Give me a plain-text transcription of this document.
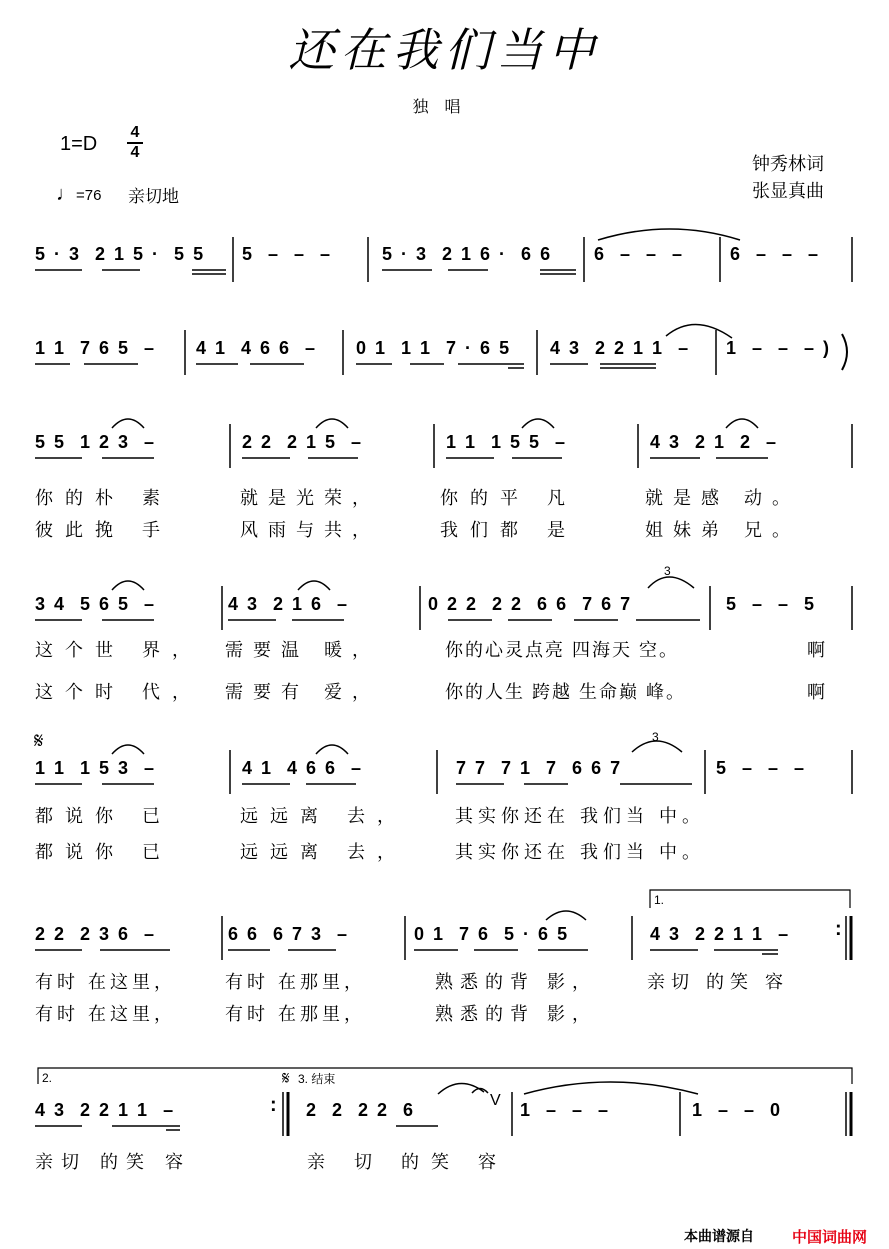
还在我们当中
独唱
1=D
4
4
♩=76 亲切地
钟秀林词
张显真曲
:
:
𝄋
𝄋 3. 结束
1.
2.
V
3
3
5 · 3  2 1 5 ·  5 5 5  –  –  –	5 · 3  2 1 6 ·  6 6 6  –  –  –	6  –  –  –
1 1  7 6 5  – 4 1  4 6 6  – 0 1  1 1  7 · 6 5 4 3  2 2 1 1  – 1  –  –  – )
5 5  1 2 3  –	2 2  2 1 5  –	1 1  1 5 5  –	4 3  2 1  2  –
3 4  5 6 5  –	4 3  2 1 6  –	0 2 2  2 2  6 6  7 6 7	5  –  –  5
1 1  1 5 3  –	4 1  4 6 6  –	7 7  7 1  7  6 6 7	5  –  –  –
2 2  2 3 6  –	6 6  6 7 3  –	0 1  7 6  5 · 6 5	4 3  2 2 1 1  –
4 3  2 2 1 1  –	2  2  2 2  6	1  –  –  –	1  –  –  0
你的朴 素	就是光荣，	你的平 凡	就是感 动。
彼此挽 手	风雨与共，	我们都 是	姐妹弟 兄。
这个世 界， 需要温 暖，	你的心灵点亮 四海天 空。	啊
这个时 代， 需要有 爱，	你的人生 跨越 生命巅 峰。	啊
都说你 已	远远离 去，	其实你还在 我们当 中。
都说你 已	远远离 去，	其实你还在 我们当 中。
有时 在这里，	有时 在那里，	熟悉的背 影，	亲切 的笑 容
有时 在这里，	有时 在那里，	熟悉的背 影，
亲切 的笑 容	亲 切 的笑 容
本曲谱源自	中国词曲网
